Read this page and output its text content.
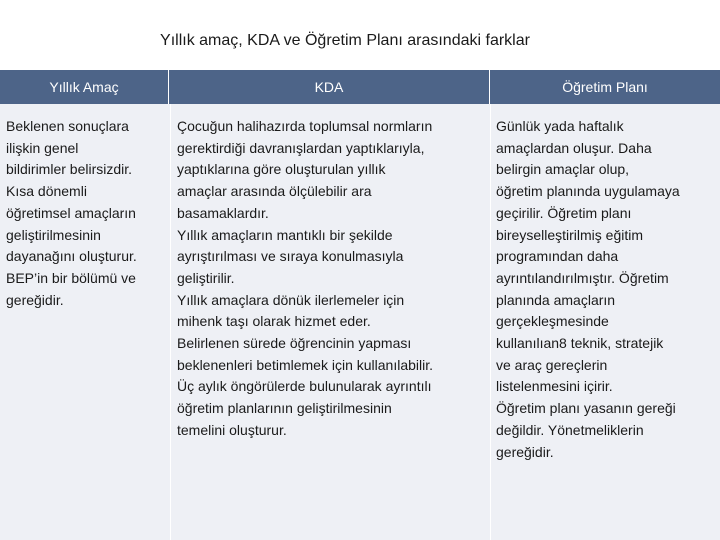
Yıllık amaç, KDA ve Öğretim Planı arasındaki farklar
Yıllık Amaç	KDA	Öğretim Planı
Beklenen sonuçlara
ilişkin genel
bildirimler belirsizdir.
Kısa dönemli
öğretimsel amaçların
geliştirilmesinin
dayanağını oluşturur.
BEP’in bir bölümü ve
gereğidir.
Çocuğun halihazırda toplumsal normların
gerektirdiği davranışlardan yaptıklarıyla,
yaptıklarına göre oluşturulan yıllık
amaçlar arasında ölçülebilir ara
basamaklardır.
Yıllık amaçların mantıklı bir şekilde
ayrıştırılması ve sıraya konulmasıyla
geliştirilir.
Yıllık amaçlara dönük ilerlemeler için
mihenk taşı olarak hizmet eder.
Belirlenen sürede öğrencinin yapması
beklenenleri betimlemek için kullanılabilir.
Üç aylık öngörülerde bulunularak ayrıntılı
öğretim planlarının geliştirilmesinin
temelini oluşturur.
Günlük yada haftalık
amaçlardan oluşur. Daha
belirgin amaçlar olup,
öğretim planında uygulamaya
geçirilir. Öğretim planı
bireyselleştirilmiş eğitim
programından daha
ayrıntılandırılmıştır. Öğretim
planında amaçların
gerçekleşmesinde
kullanılıan8 teknik, stratejik
ve araç gereçlerin
listelenmesini içirir.
Öğretim planı yasanın gereği
değildir. Yönetmeliklerin
gereğidir.
